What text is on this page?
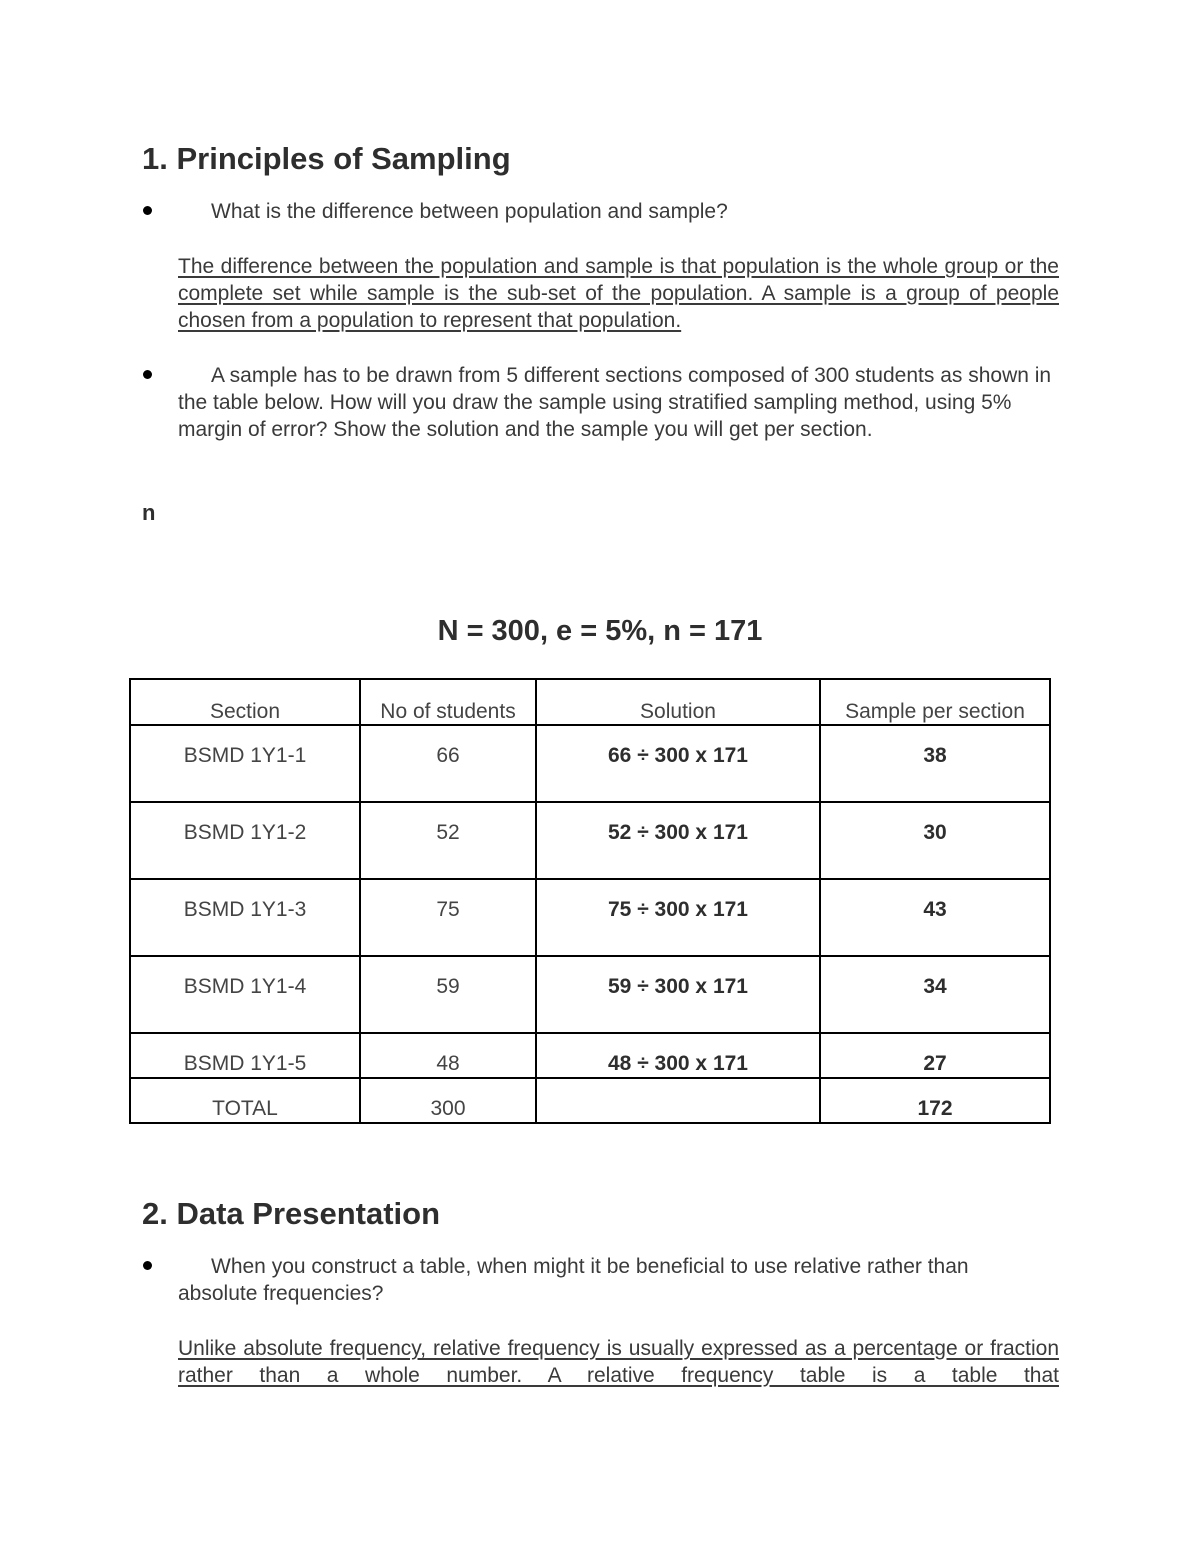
1. Principles of Sampling
What is the difference between population and sample?
The difference between the population and sample is that population is the whole group or the complete set while sample is the sub-set of the population. A sample is a group of people chosen from a population to represent that population.
A sample has to be drawn from 5 different sections composed of 300 students as shown in the table below. How will you draw the sample using stratified sampling method, using 5% margin of error? Show the solution and the sample you will get per section.
n
N = 300, e = 5%, n = 171
Section	No of students	Solution	Sample per section
BSMD 1Y1-1	66	66 ÷ 300 x 171	38
BSMD 1Y1-2	52	52 ÷ 300 x 171	30
BSMD 1Y1-3	75	75 ÷ 300 x 171	43
BSMD 1Y1-4	59	59 ÷ 300 x 171	34
BSMD 1Y1-5	48	48 ÷ 300 x 171	27
TOTAL	300		172
2. Data Presentation
When you construct a table, when might it be beneficial to use relative rather than absolute frequencies?
Unlike absolute frequency, relative frequency is usually expressed as a percentage or fraction rather than a whole number. A relative frequency table is a table that
